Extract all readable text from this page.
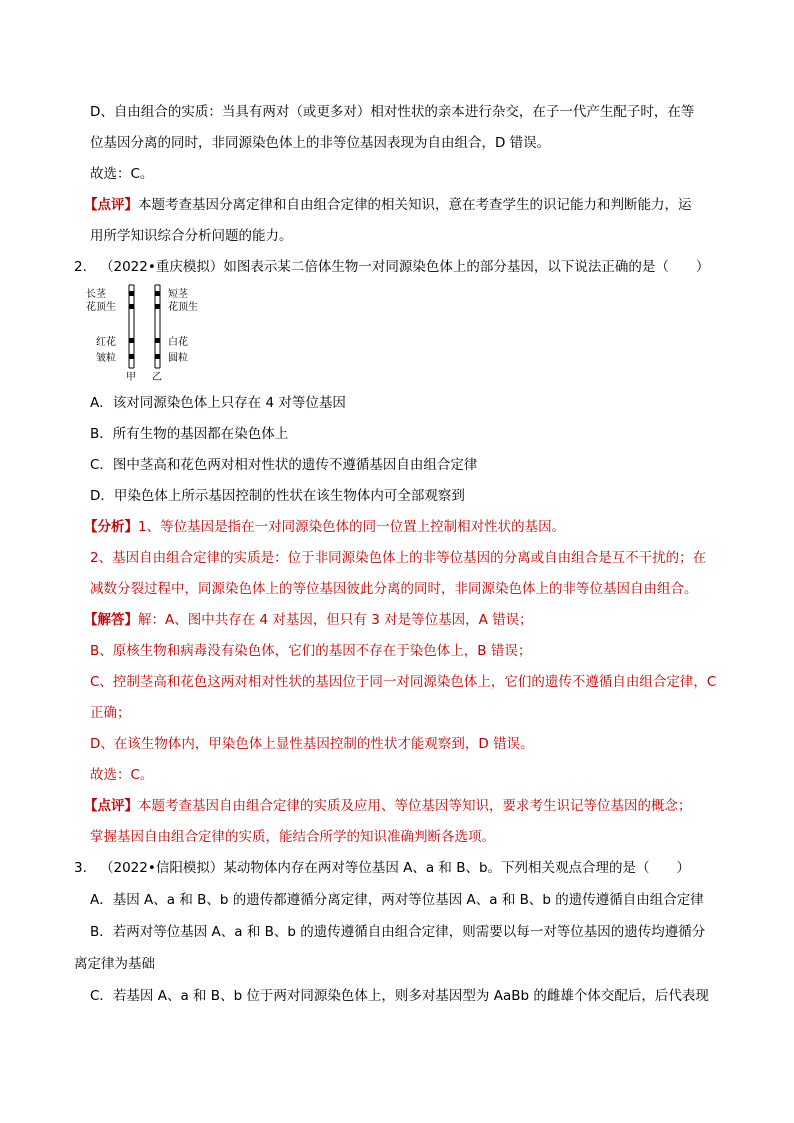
D、自由组合的实质：当具有两对（或更多对）相对性状的亲本进行杂交，在子一代产生配子时，在等
位基因分离的同时，非同源染色体上的非等位基因表现为自由组合，D 错误。
故选：C。
【点评】本题考查基因分离定律和自由组合定律的相关知识，意在考查学生的识记能力和判断能力，运
用所学知识综合分析问题的能力。
2. （2022•重庆模拟）如图表示某二倍体生物一对同源染色体上的部分基因，以下说法正确的是（　　）
长茎
花顶生
红花
皱粒
短茎
花顶生
白花
圆粒
甲 乙
A．该对同源染色体上只存在 4 对等位基因
B．所有生物的基因都在染色体上
C．图中茎高和花色两对相对性状的遗传不遵循基因自由组合定律
D．甲染色体上所示基因控制的性状在该生物体内可全部观察到
【分析】1、等位基因是指在一对同源染色体的同一位置上控制相对性状的基因。
2、基因自由组合定律的实质是：位于非同源染色体上的非等位基因的分离或自由组合是互不干扰的；在
减数分裂过程中，同源染色体上的等位基因彼此分离的同时，非同源染色体上的非等位基因自由组合。
【解答】解：A、图中共存在 4 对基因，但只有 3 对是等位基因，A 错误；
B、原核生物和病毒没有染色体，它们的基因不存在于染色体上，B 错误；
C、控制茎高和花色这两对相对性状的基因位于同一对同源染色体上，它们的遗传不遵循自由组合定律，C
正确；
D、在该生物体内，甲染色体上显性基因控制的性状才能观察到，D 错误。
故选：C。
【点评】本题考查基因自由组合定律的实质及应用、等位基因等知识，要求考生识记等位基因的概念；
掌握基因自由组合定律的实质，能结合所学的知识准确判断各选项。
3. （2022•信阳模拟）某动物体内存在两对等位基因 A、a 和 B、b。下列相关观点合理的是（　　）
A．基因 A、a 和 B、b 的遗传都遵循分离定律，两对等位基因 A、a 和 B、b 的遗传遵循自由组合定律
B．若两对等位基因 A、a 和 B、b 的遗传遵循自由组合定律，则需要以每一对等位基因的遗传均遵循分
离定律为基础
C．若基因 A、a 和 B、b 位于两对同源染色体上，则多对基因型为 AaBb 的雌雄个体交配后，后代表现
